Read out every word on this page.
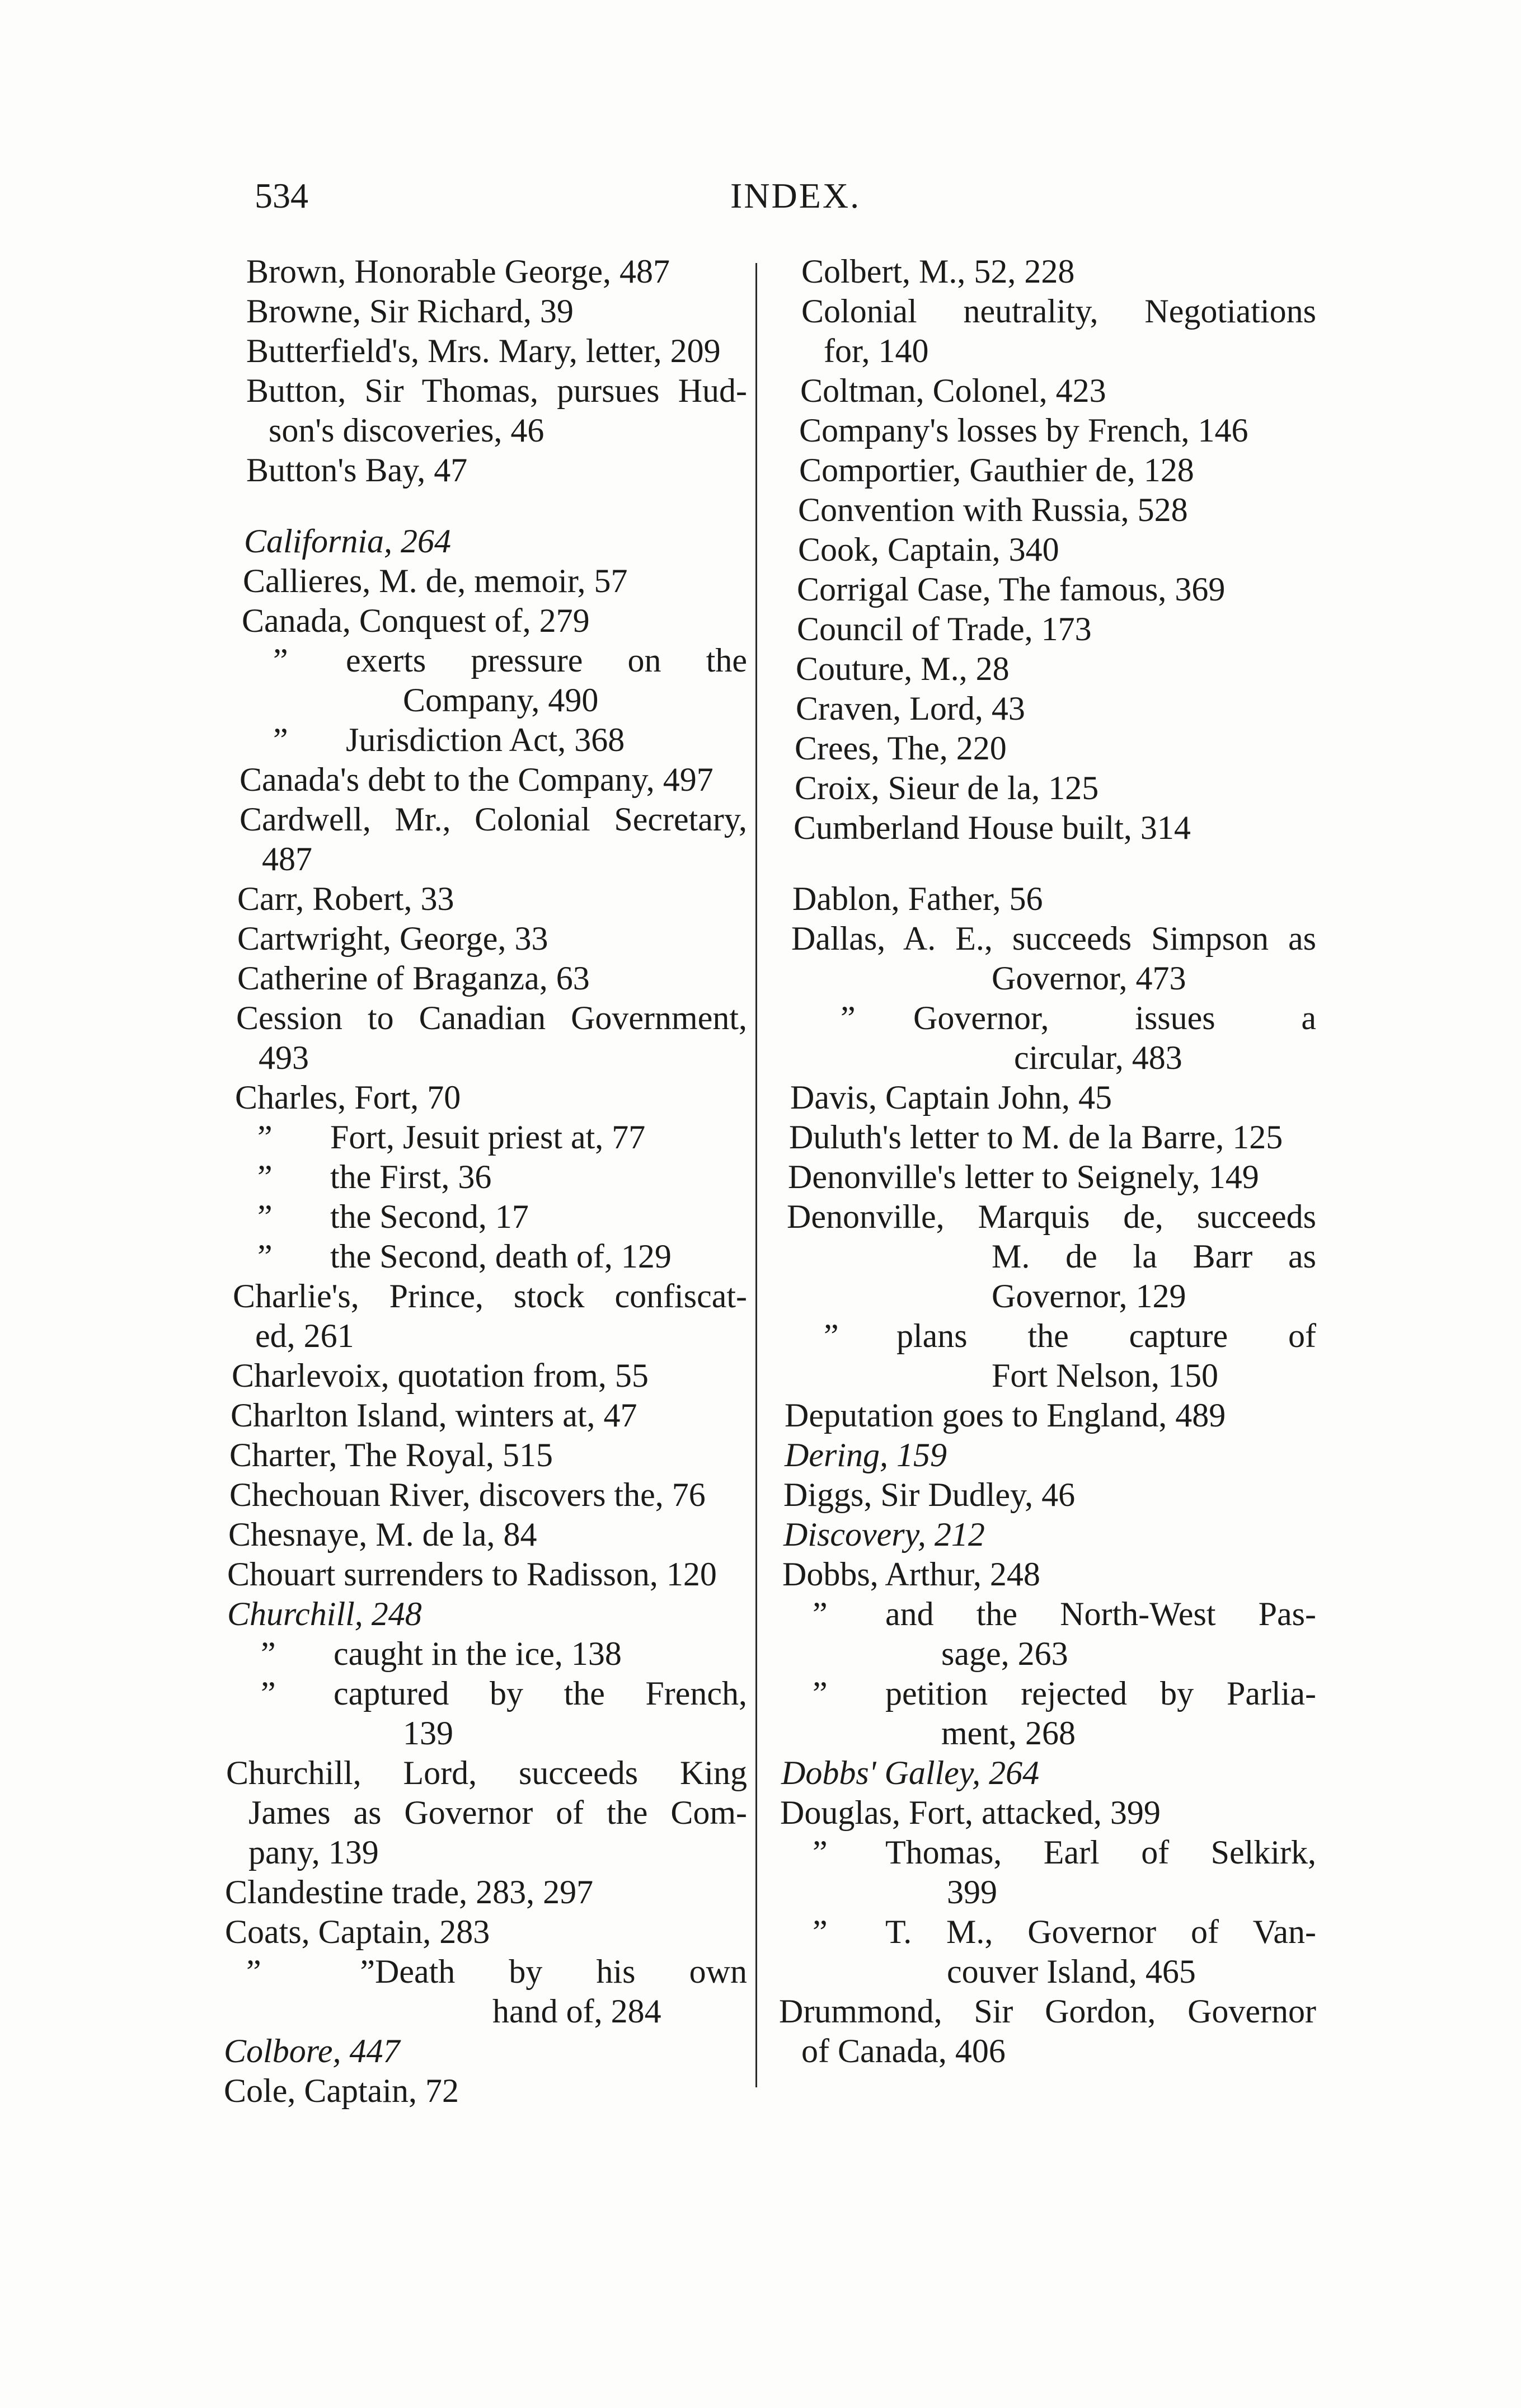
534	INDEX.
Brown, Honorable George, 487
Browne, Sir Richard, 39
Butterfield's, Mrs. Mary, letter, 209
Button, Sir Thomas, pursues Hud-
son's discoveries, 46
Button's Bay, 47
California, 264
Callieres, M. de, memoir, 57
Canada, Conquest of, 279
” exerts pressure on the
Company, 490
” Jurisdiction Act, 368
Canada's debt to the Company, 497
Cardwell, Mr., Colonial Secretary,
487
Carr, Robert, 33
Cartwright, George, 33
Catherine of Braganza, 63
Cession to Canadian Government,
493
Charles, Fort, 70
” Fort, Jesuit priest at, 77
” the First, 36
” the Second, 17
” the Second, death of, 129
Charlie's, Prince, stock confiscat-
ed, 261
Charlevoix, quotation from, 55
Charlton Island, winters at, 47
Charter, The Royal, 515
Chechouan River, discovers the, 76
Chesnaye, M. de la, 84
Chouart surrenders to Radisson, 120
Churchill, 248
” caught in the ice, 138
” captured by the French,
139
Churchill, Lord, succeeds King
James as Governor of the Com-
pany, 139
Clandestine trade, 283, 297
Coats, Captain, 283
” ”Death by his own
hand of, 284
Colbore, 447
Cole, Captain, 72
Colbert, M., 52, 228
Colonial neutrality, Negotiations
for, 140
Coltman, Colonel, 423
Company's losses by French, 146
Comportier, Gauthier de, 128
Convention with Russia, 528
Cook, Captain, 340
Corrigal Case, The famous, 369
Council of Trade, 173
Couture, M., 28
Craven, Lord, 43
Crees, The, 220
Croix, Sieur de la, 125
Cumberland House built, 314
Dablon, Father, 56
Dallas, A. E., succeeds Simpson as
Governor, 473
” Governor, issues a
circular, 483
Davis, Captain John, 45
Duluth's letter to M. de la Barre, 125
Denonville's letter to Seignely, 149
Denonville, Marquis de, succeeds
M. de la Barr as
Governor, 129
” plans the capture of
Fort Nelson, 150
Deputation goes to England, 489
Dering, 159
Diggs, Sir Dudley, 46
Discovery, 212
Dobbs, Arthur, 248
” and the North-West Pas-
sage, 263
” petition rejected by Parlia-
ment, 268
Dobbs' Galley, 264
Douglas, Fort, attacked, 399
” Thomas, Earl of Selkirk,
399
” T. M., Governor of Van-
couver Island, 465
Drummond, Sir Gordon, Governor
of Canada, 406
